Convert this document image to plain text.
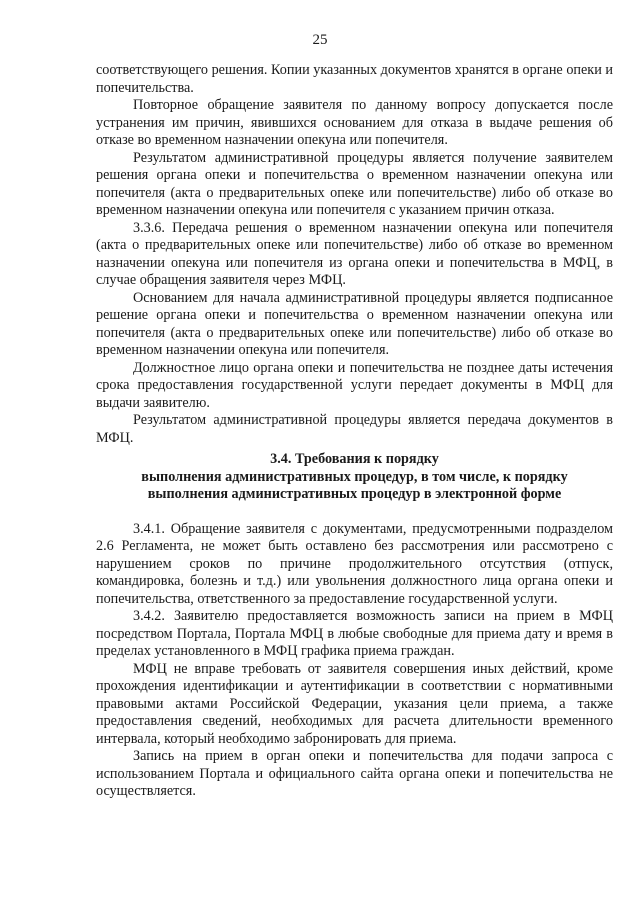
25

соответствующего решения. Копии указанных документов хранятся в органе опеки и попечительства.

Повторное обращение заявителя по данному вопросу допускается после устранения им причин, явившихся основанием для отказа в выдаче решения об отказе во временном назначении опекуна или попечителя.

Результатом административной процедуры является получение заявителем решения органа опеки и попечительства о временном назначении опекуна или попечителя (акта о предварительных опеке или попечительстве) либо об отказе во временном назначении опекуна или попечителя с указанием причин отказа.

3.3.6. Передача решения о временном назначении опекуна или попечителя (акта о предварительных опеке или попечительстве) либо об отказе во временном назначении опекуна или попечителя из органа опеки и попечительства в МФЦ, в случае обращения заявителя через МФЦ.

Основанием для начала административной процедуры является подписанное решение органа опеки и попечительства о временном назначении опекуна или попечителя (акта о предварительных опеке или попечительстве) либо об отказе во временном назначении опекуна или попечителя.

Должностное лицо органа опеки и попечительства не позднее даты истечения срока предоставления государственной услуги передает документы в МФЦ для выдачи заявителю.

Результатом административной процедуры является передача документов в МФЦ.

3.4. Требования к порядку
выполнения административных процедур, в том числе, к порядку
выполнения административных процедур в электронной форме

3.4.1. Обращение заявителя с документами, предусмотренными подразделом 2.6 Регламента, не может быть оставлено без рассмотрения или рассмотрено с нарушением сроков по причине продолжительного отсутствия (отпуск, командировка, болезнь и т.д.) или увольнения должностного лица органа опеки и попечительства, ответственного за предоставление государственной услуги.

3.4.2. Заявителю предоставляется возможность записи на прием в МФЦ посредством Портала, Портала МФЦ в любые свободные для приема дату и время в пределах установленного в МФЦ графика приема граждан.

МФЦ не вправе требовать от заявителя совершения иных действий, кроме прохождения идентификации и аутентификации в соответствии с нормативными правовыми актами Российской Федерации, указания цели приема, а также предоставления сведений, необходимых для расчета длительности временного интервала, который необходимо забронировать для приема.

Запись на прием в орган опеки и попечительства для подачи запроса с использованием Портала и официального сайта органа опеки и попечительства не осуществляется.
